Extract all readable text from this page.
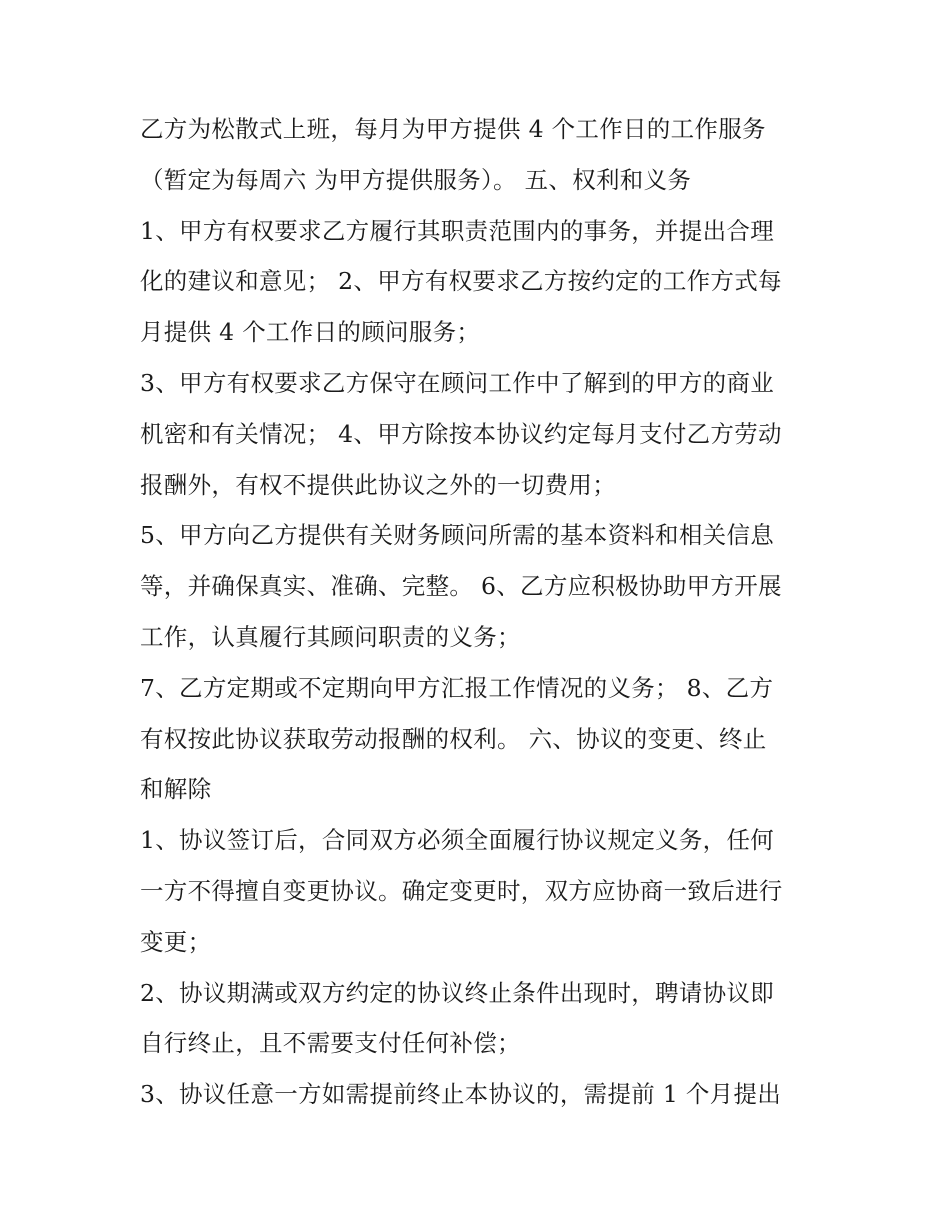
乙方为松散式上班，每月为甲方提供 4 个工作日的工作服务
（暂定为每周六 为甲方提供服务）。 五、权利和义务
1、甲方有权要求乙方履行其职责范围内的事务，并提出合理
化的建议和意见； 2、甲方有权要求乙方按约定的工作方式每
月提供 4 个工作日的顾问服务；
3、甲方有权要求乙方保守在顾问工作中了解到的甲方的商业
机密和有关情况； 4、甲方除按本协议约定每月支付乙方劳动
报酬外，有权不提供此协议之外的一切费用；
5、甲方向乙方提供有关财务顾问所需的基本资料和相关信息
等，并确保真实、准确、完整。 6、乙方应积极协助甲方开展
工作，认真履行其顾问职责的义务；
7、乙方定期或不定期向甲方汇报工作情况的义务； 8、乙方
有权按此协议获取劳动报酬的权利。 六、协议的变更、终止
和解除
1、协议签订后，合同双方必须全面履行协议规定义务，任何
一方不得擅自变更协议。确定变更时，双方应协商一致后进行
变更；
2、协议期满或双方约定的协议终止条件出现时，聘请协议即
自行终止，且不需要支付任何补偿；
3、协议任意一方如需提前终止本协议的，需提前 1 个月提出
